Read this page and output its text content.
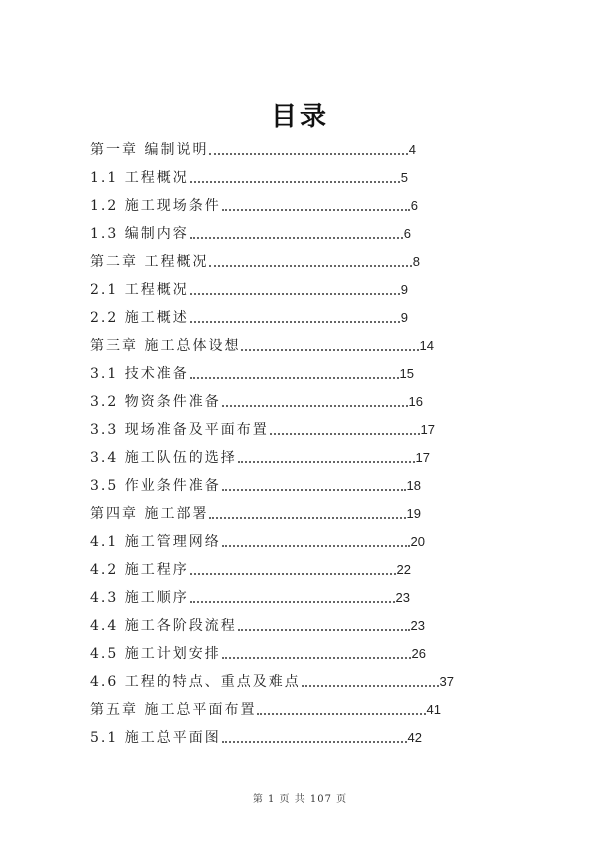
目录
第一章 编制说明	4
1.1 工程概况	5
1.2 施工现场条件	6
1.3 编制内容	6
第二章 工程概况	8
2.1 工程概况	9
2.2 施工概述	9
第三章 施工总体设想	14
3.1 技术准备	15
3.2 物资条件准备	16
3.3 现场准备及平面布置	17
3.4 施工队伍的选择	17
3.5 作业条件准备	18
第四章 施工部署	19
4.1 施工管理网络	20
4.2 施工程序	22
4.3 施工顺序	23
4.4 施工各阶段流程	23
4.5 施工计划安排	26
4.6 工程的特点、重点及难点	37
第五章 施工总平面布置	41
5.1 施工总平面图	42
第 1 页 共 107 页
